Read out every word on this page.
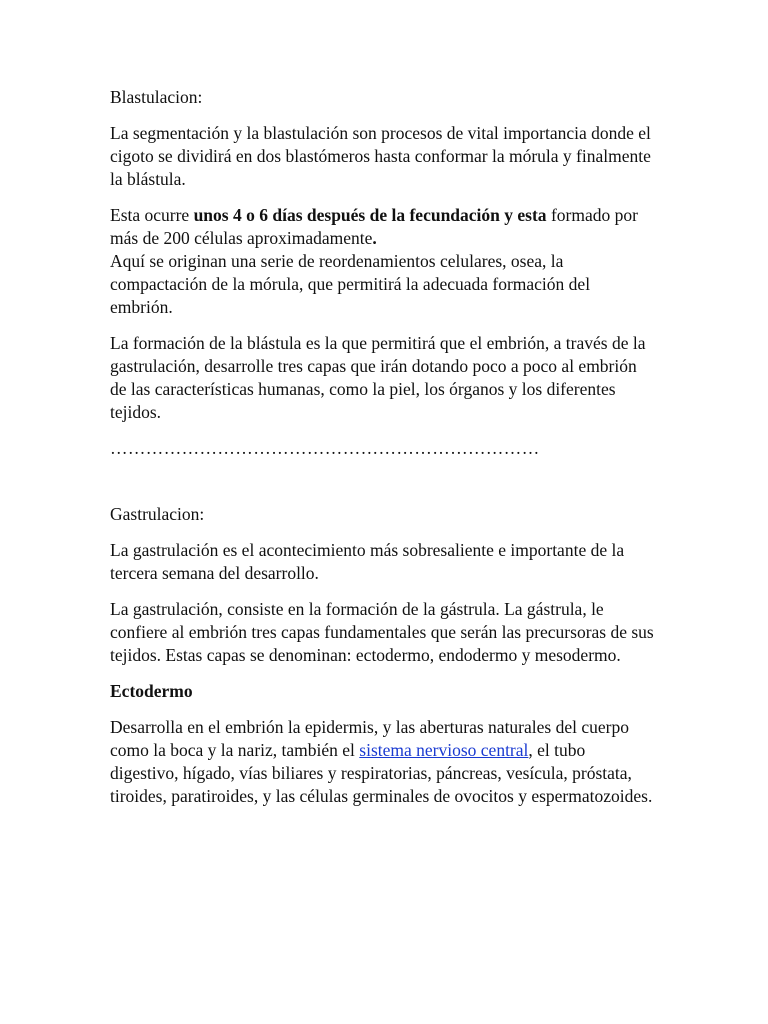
Blastulacion:

La segmentación y la blastulación son procesos de vital importancia donde el cigoto se dividirá en dos blastómeros hasta conformar la mórula y finalmente la blástula.

Esta ocurre unos 4 o 6 días después de la fecundación y esta formado por más de 200 células aproximadamente.
Aquí se originan una serie de reordenamientos celulares, osea, la compactación de la mórula, que permitirá la adecuada formación del embrión.

La formación de la blástula es la que permitirá que el embrión, a través de la gastrulación, desarrolle tres capas que irán dotando poco a poco al embrión de las características humanas, como la piel, los órganos y los diferentes tejidos.

………………………………………………………………

Gastrulacion:

La gastrulación es el acontecimiento más sobresaliente e importante de la tercera semana del desarrollo.

La gastrulación, consiste en la formación de la gástrula. La gástrula, le confiere al embrión tres capas fundamentales que serán las precursoras de sus tejidos. Estas capas se denominan: ectodermo, endodermo y mesodermo.

Ectodermo

Desarrolla en el embrión la epidermis, y las aberturas naturales del cuerpo como la boca y la nariz, también el sistema nervioso central, el tubo digestivo, hígado, vías biliares y respiratorias, páncreas, vesícula, próstata, tiroides, paratiroides, y las células germinales de ovocitos y espermatozoides.
